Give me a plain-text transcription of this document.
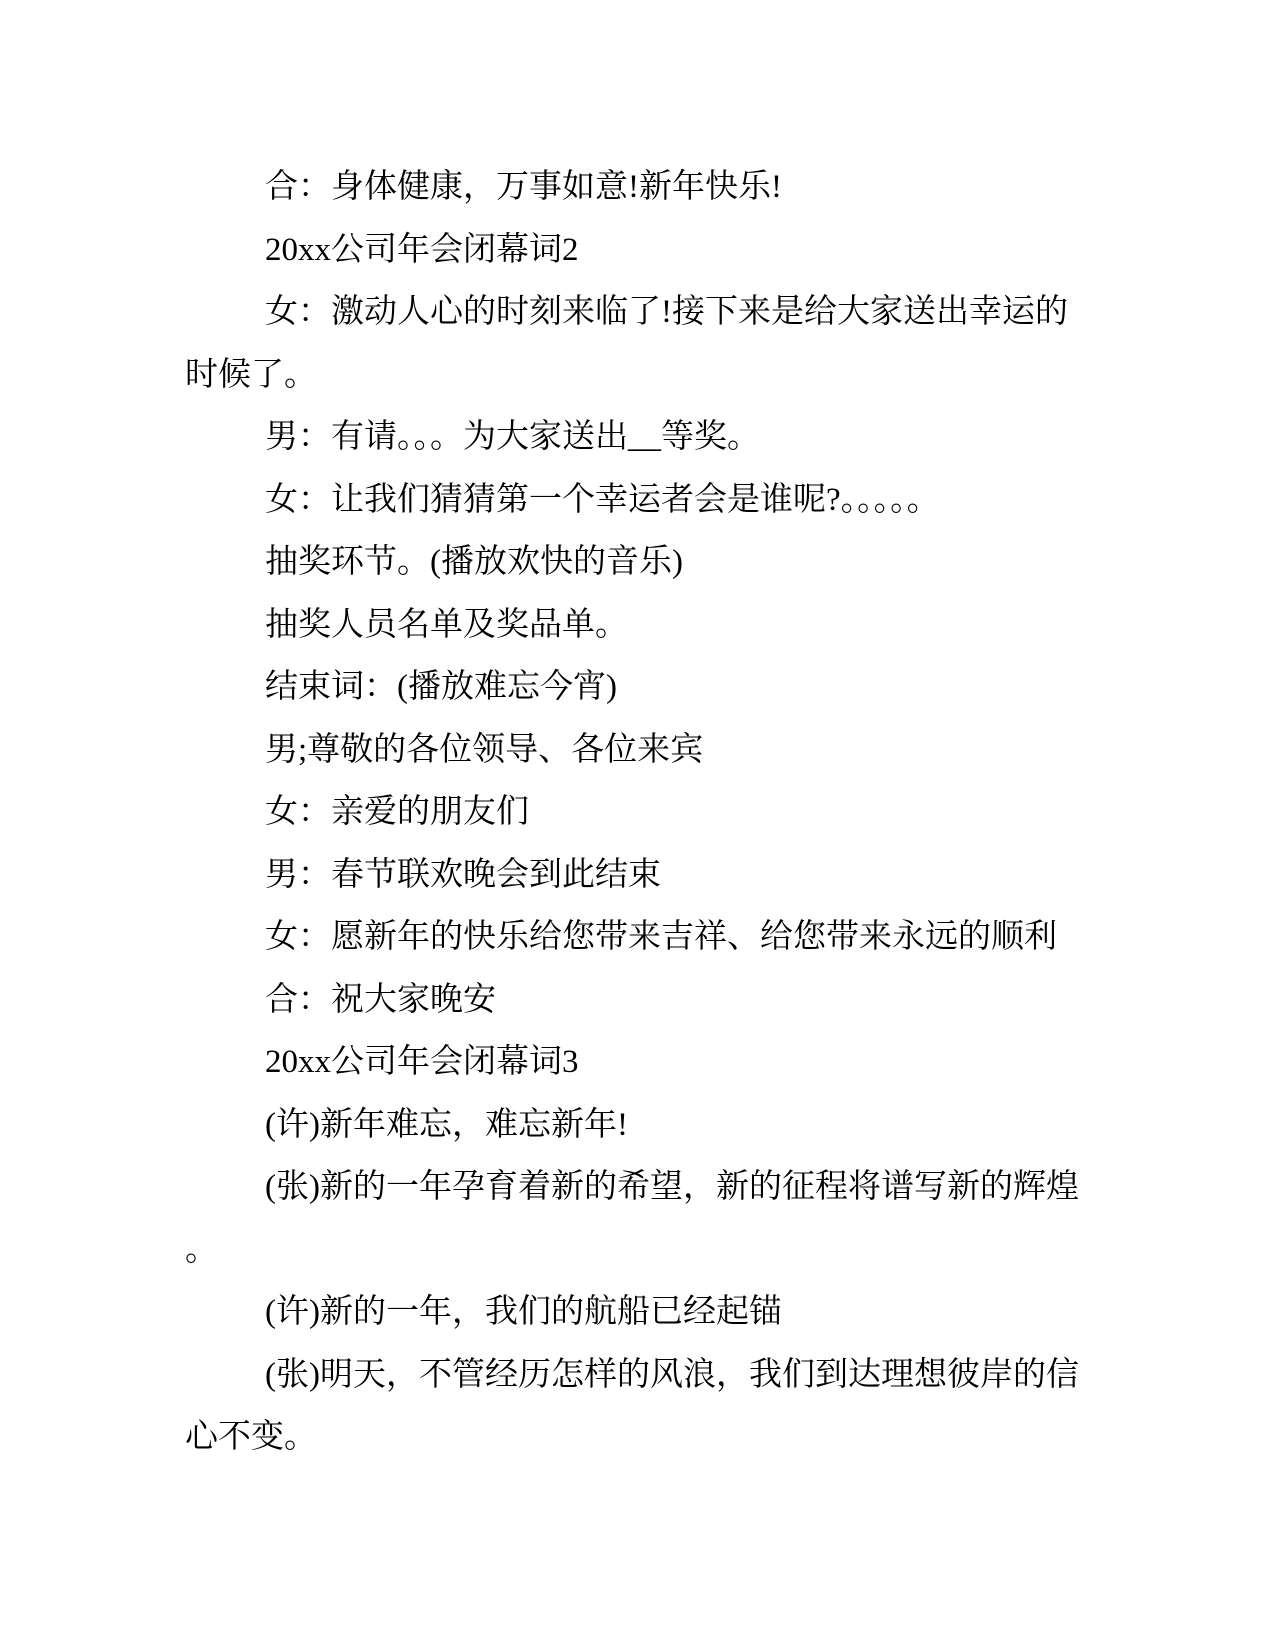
合：身体健康，万事如意!新年快乐!
20xx公司年会闭幕词2
女：激动人心的时刻来临了!接下来是给大家送出幸运的
时候了。
男：有请。。。为大家送出__等奖。
女：让我们猜猜第一个幸运者会是谁呢?。。。。。
抽奖环节。(播放欢快的音乐)
抽奖人员名单及奖品单。
结束词：(播放难忘今宵)
男;尊敬的各位领导、各位来宾
女：亲爱的朋友们
男：春节联欢晚会到此结束
女：愿新年的快乐给您带来吉祥、给您带来永远的顺利
合：祝大家晚安
20xx公司年会闭幕词3
(许)新年难忘，难忘新年!
(张)新的一年孕育着新的希望，新的征程将谱写新的辉煌
。
(许)新的一年，我们的航船已经起锚
(张)明天，不管经历怎样的风浪，我们到达理想彼岸的信
心不变。
